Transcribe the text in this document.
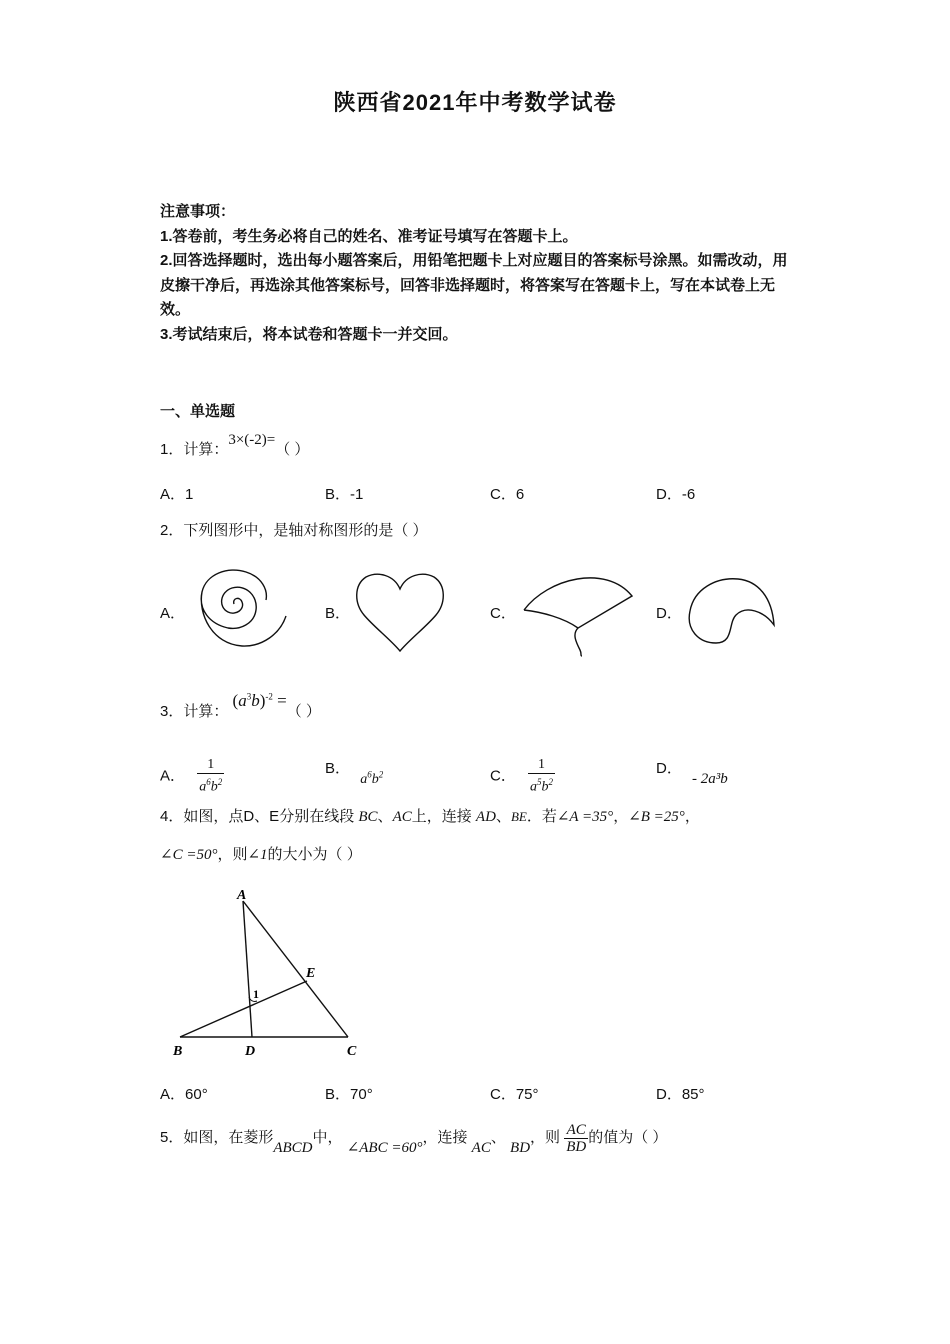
陕西省2021年中考数学试卷
注意事项：
1.答卷前，考生务必将自己的姓名、准考证号填写在答题卡上。
2.回答选择题时，选出每小题答案后，用铅笔把题卡上对应题目的答案标号涂黑。如需改动，用皮擦干净后，再选涂其他答案标号，回答非选择题时，将答案写在答题卡上，写在本试卷上无效。
3.考试结束后，将本试卷和答题卡一并交回。
一、单选题
1．计算：3×(-2)=（ ）
A．1	B．-1	C．6	D．-6
2．下列图形中，是轴对称图形的是（ ）
A．	B．	C．	D．
3．计算： $(a^3b)^{-2}$ =（ ）
A． $\frac{1}{a^6b^2}$	B． $a^6b^2$	C． $\frac{1}{a^5b^2}$	D． - 2a³b
4．如图，点D、E分别在线段 BC、AC上，连接 AD、BE．若∠A =35°，∠B =25°，
∠C =50°，则∠1的大小为（ ）
A
E
1
B	D	C
A．60°	B．70°	C．75°	D．85°
5．如图，在菱形ABCD中， ∠ABC =60°，连接 AC、 BD，则 $\frac{AC}{BD}$ 的值为（ ）
